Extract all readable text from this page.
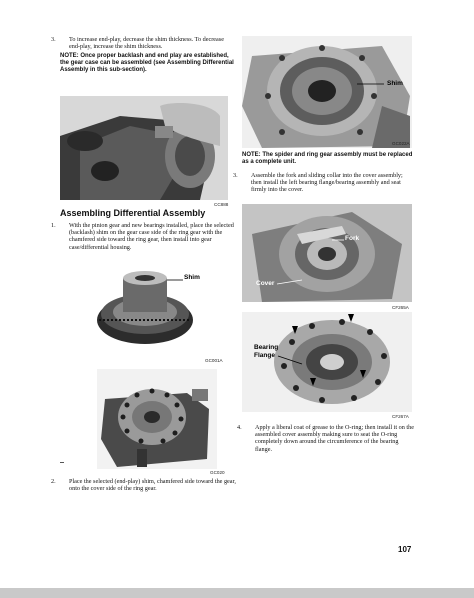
3. To increase end-play, decrease the shim thickness. To decrease end-play, increase the shim thickness.

NOTE: Once proper backlash and end play are established, the gear case can be assembled (see Assembling Differential Assembly in this sub-section).

CC888

Assembling Differential Assembly

1. With the pinion gear and new bearings installed, place the selected (backlash) shim on the gear case side of the ring gear with the chamfered side toward the ring gear, then install into gear case/differential housing.

Shim
GC001A
GC020

2. Place the selected (end-play) shim, chamfered side toward the gear, onto the cover side of the ring gear.

Shim
GC022A

NOTE: The spider and ring gear assembly must be replaced as a complete unit.

3. Assemble the fork and sliding collar into the cover assembly; then install the left bearing flange/bearing assembly and seat firmly into the cover.

Fork
Cover
CF265A
Bearing
Flange
CF267A

4. Apply a liberal coat of grease to the O-ring; then install it on the assembled cover assembly making sure to seat the O-ring completely down around the circumference of the bearing flange.

107
